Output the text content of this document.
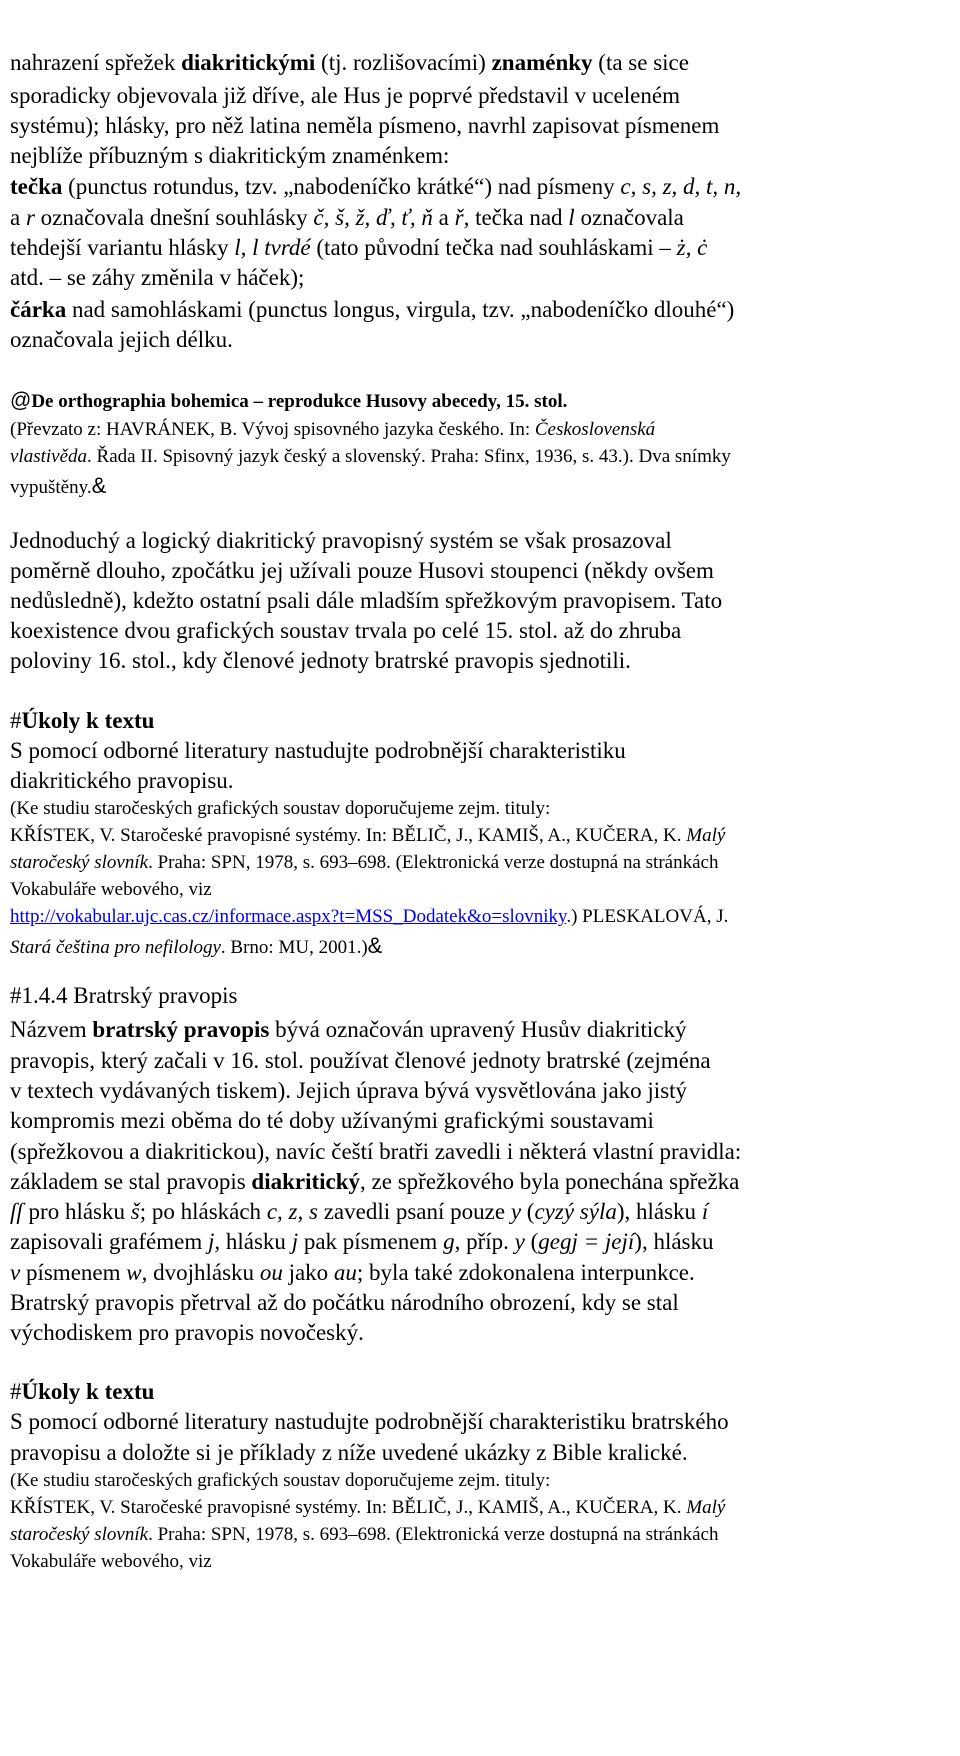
nahrazení spřežek diakritickými (tj. rozlišovacími) znaménky (ta se sice

sporadicky objevovala již dříve, ale Hus je poprvé představil v uceleném

systému); hlásky, pro něž latina neměla písmeno, navrhl zapisovat písmenem

nejblíže příbuzným s diakritickým znaménkem:

tečka (punctus rotundus, tzv. „nabodeníčko krátké“) nad písmeny c, s, z, d, t, n,

a r označovala dnešní souhlásky č, š, ž, ď, ť, ň a ř, tečka nad l označovala

tehdejší variantu hlásky l, l tvrdé (tato původní tečka nad souhláskami – ż, ċ

atd. – se záhy změnila v háček);

čárka nad samohláskami (punctus longus, virgula, tzv. „nabodeníčko dlouhé“)

označovala jejich délku.

@De orthographia bohemica – reprodukce Husovy abecedy, 15. stol.

(Převzato z: HAVRÁNEK, B. Vývoj spisovného jazyka českého. In: Československá

vlastivěda. Řada II. Spisovný jazyk český a slovenský. Praha: Sfinx, 1936, s. 43.). Dva snímky

vypuštěny.&

Jednoduchý a logický diakritický pravopisný systém se však prosazoval

poměrně dlouho, zpočátku jej užívali pouze Husovi stoupenci (někdy ovšem

nedůsledně), kdežto ostatní psali dále mladším spřežkovým pravopisem. Tato

koexistence dvou grafických soustav trvala po celé 15. stol. až do zhruba

poloviny 16. stol., kdy členové jednoty bratrské pravopis sjednotili.

#Úkoly k textu

S pomocí odborné literatury nastudujte podrobnější charakteristiku

diakritického pravopisu.

(Ke studiu staročeských grafických soustav doporučujeme zejm. tituly:

KŘÍSTEK, V. Staročeské pravopisné systémy. In: BĚLIČ, J., KAMIŠ, A., KUČERA, K. Malý

staročeský slovník. Praha: SPN, 1978, s. 693–698. (Elektronická verze dostupná na stránkách

Vokabuláře webového, viz

http://vokabular.ujc.cas.cz/informace.aspx?t=MSS_Dodatek&o=slovniky.) PLESKALOVÁ, J.

Stará čeština pro nefilology. Brno: MU, 2001.)&

#1.4.4 Bratrský pravopis

Názvem bratrský pravopis bývá označován upravený Husův diakritický

pravopis, který začali v 16. stol. používat členové jednoty bratrské (zejména

v textech vydávaných tiskem). Jejich úprava bývá vysvětlována jako jistý

kompromis mezi oběma do té doby užívanými grafickými soustavami

(spřežkovou a diakritickou), navíc čeští bratři zavedli i některá vlastní pravidla:

základem se stal pravopis diakritický, ze spřežkového byla ponechána spřežka

ſſ pro hlásku š; po hláskách c, z, s zavedli psaní pouze y (cyzý sýla), hlásku í

zapisovali grafémem j, hlásku j pak písmenem g, příp. y (gegj = její), hlásku

v písmenem w, dvojhlásku ou jako au; byla také zdokonalena interpunkce.

Bratrský pravopis přetrval až do počátku národního obrození, kdy se stal

východiskem pro pravopis novočeský.

#Úkoly k textu

S pomocí odborné literatury nastudujte podrobnější charakteristiku bratrského

pravopisu a doložte si je příklady z níže uvedené ukázky z Bible kralické.

(Ke studiu staročeských grafických soustav doporučujeme zejm. tituly:

KŘÍSTEK, V. Staročeské pravopisné systémy. In: BĚLIČ, J., KAMIŠ, A., KUČERA, K. Malý

staročeský slovník. Praha: SPN, 1978, s. 693–698. (Elektronická verze dostupná na stránkách

Vokabuláře webového, viz
